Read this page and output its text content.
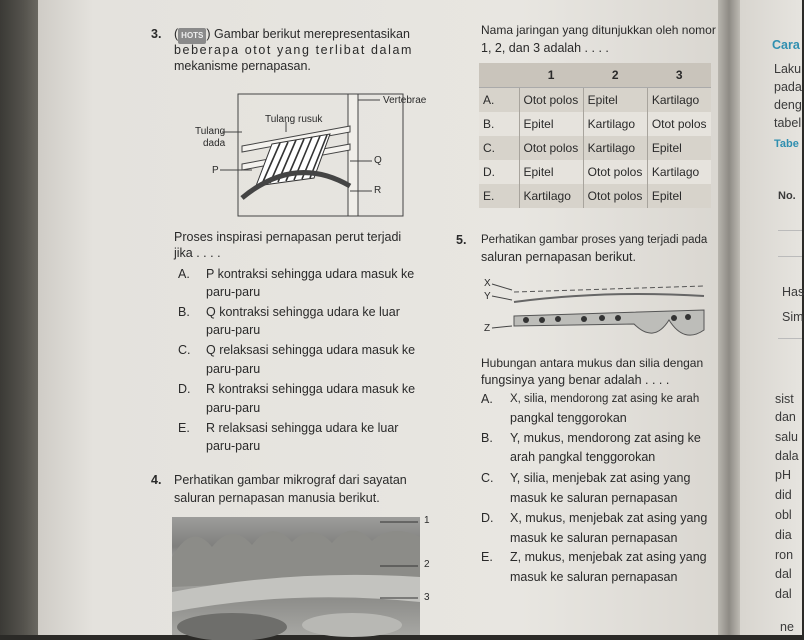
3. ( HOTS ) Gambar berikut merepresentasikan
beberapa otot yang terlibat dalam
mekanisme pernapasan.
Vertebrae
Tulang rusuk
Tulang
dada
P
Q
R
Proses inspirasi pernapasan perut terjadi
jika . . . .
A. P kontraksi sehingga udara masuk ke
paru-paru
B. Q kontraksi sehingga udara ke luar
paru-paru
C. Q relaksasi sehingga udara masuk ke
paru-paru
D. R kontraksi sehingga udara masuk ke
paru-paru
E. R relaksasi sehingga udara ke luar
paru-paru
4. Perhatikan gambar mikrograf dari sayatan
saluran pernapasan manusia berikut.
1
2
3
Nama jaringan yang ditunjukkan oleh nomor
1, 2, dan 3 adalah . . . .
	1	2	3
A.	Otot polos	Epitel	Kartilago
B.	Epitel	Kartilago	Otot polos
C.	Otot polos	Kartilago	Epitel
D.	Epitel	Otot polos	Kartilago
E.	Kartilago	Otot polos	Epitel
5. Perhatikan gambar proses yang terjadi pada
saluran pernapasan berikut.
X
Y
Z
Hubungan antara mukus dan silia dengan
fungsinya yang benar adalah . . . .
A. X, silia, mendorong zat asing ke arah
pangkal tenggorokan
B. Y, mukus, mendorong zat asing ke
arah pangkal tenggorokan
C. Y, silia, menjebak zat asing yang
masuk ke saluran pernapasan
D. X, mukus, menjebak zat asing yang
masuk ke saluran pernapasan
E. Z, mukus, menjebak zat asing yang
masuk ke saluran pernapasan
Cara
Laku
pada
deng
tabel
Tabe
No.
Has
Sim
sist
dan
salu
dala
pH
did
obl
dia
ron
dal
dal
ne
